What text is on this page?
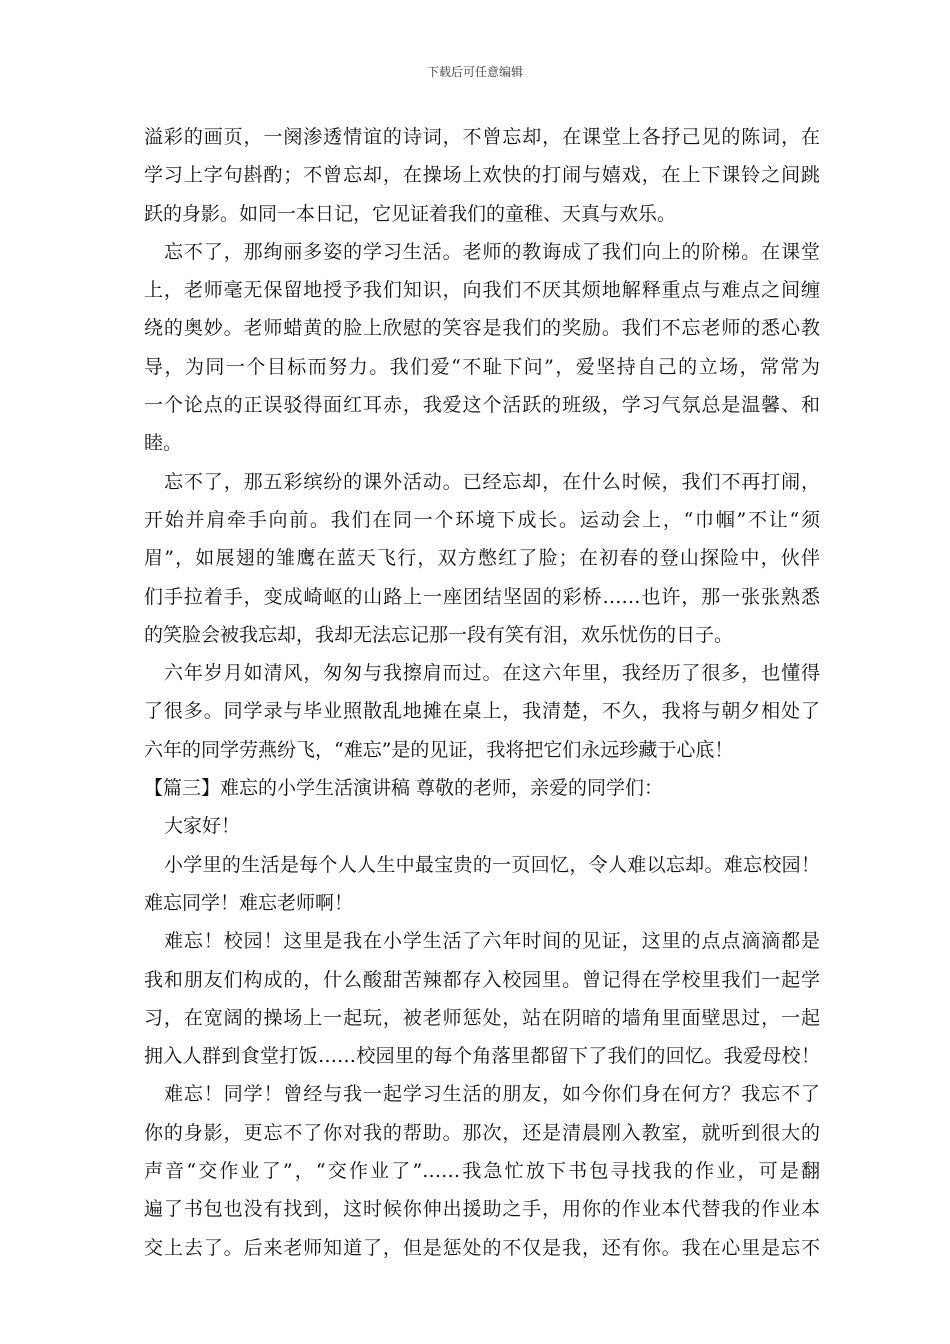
下载后可任意编辑
溢彩的画页，一阕渗透情谊的诗词，不曾忘却，在课堂上各抒己见的陈词，在
学习上字句斟酌；不曾忘却，在操场上欢快的打闹与嬉戏，在上下课铃之间跳
跃的身影。如同一本日记，它见证着我们的童稚、天真与欢乐。
忘不了，那绚丽多姿的学习生活。老师的教诲成了我们向上的阶梯。在课堂
上，老师毫无保留地授予我们知识，向我们不厌其烦地解释重点与难点之间缠
绕的奥妙。老师蜡黄的脸上欣慰的笑容是我们的奖励。我们不忘老师的悉心教
导，为同一个目标而努力。我们爱“不耻下问”，爱坚持自己的立场，常常为
一个论点的正误驳得面红耳赤，我爱这个活跃的班级，学习气氛总是温馨、和
睦。
忘不了，那五彩缤纷的课外活动。已经忘却，在什么时候，我们不再打闹，
开始并肩牵手向前。我们在同一个环境下成长。运动会上，“巾帼”不让“须
眉”，如展翅的雏鹰在蓝天飞行，双方憋红了脸；在初春的登山探险中，伙伴
们手拉着手，变成崎岖的山路上一座团结坚固的彩桥……也许，那一张张熟悉
的笑脸会被我忘却，我却无法忘记那一段有笑有泪，欢乐忧伤的日子。
六年岁月如清风，匆匆与我擦肩而过。在这六年里，我经历了很多，也懂得
了很多。同学录与毕业照散乱地摊在桌上，我清楚，不久，我将与朝夕相处了
六年的同学劳燕纷飞，“难忘”是的见证，我将把它们永远珍藏于心底！
【篇三】难忘的小学生活演讲稿 尊敬的老师，亲爱的同学们：
大家好！
小学里的生活是每个人人生中最宝贵的一页回忆，令人难以忘却。难忘校园！
难忘同学！难忘老师啊！
难忘！校园！这里是我在小学生活了六年时间的见证，这里的点点滴滴都是
我和朋友们构成的，什么酸甜苦辣都存入校园里。曾记得在学校里我们一起学
习，在宽阔的操场上一起玩，被老师惩处，站在阴暗的墙角里面壁思过，一起
拥入人群到食堂打饭……校园里的每个角落里都留下了我们的回忆。我爱母校！
难忘！同学！曾经与我一起学习生活的朋友，如今你们身在何方？我忘不了
你的身影，更忘不了你对我的帮助。那次，还是清晨刚入教室，就听到很大的
声音“交作业了”，“交作业了”……我急忙放下书包寻找我的作业，可是翻
遍了书包也没有找到，这时候你伸出援助之手，用你的作业本代替我的作业本
交上去了。后来老师知道了，但是惩处的不仅是我，还有你。我在心里是忘不
